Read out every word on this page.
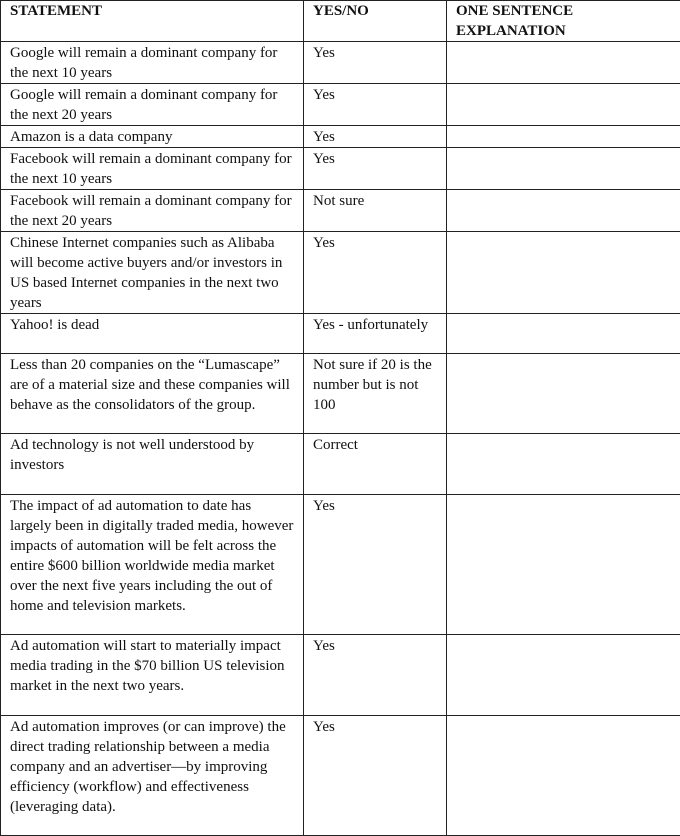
STATEMENT	YES/NO	ONE SENTENCE EXPLANATION
Google will remain a dominant company for the next 10 years	Yes	
Google will remain a dominant company for the next 20 years	Yes	
Amazon is a data company	Yes	
Facebook will remain a dominant company for the next 10 years	Yes	
Facebook will remain a dominant company for the next 20 years	Not sure	
Chinese Internet companies such as Alibaba will become active buyers and/or investors in US based Internet companies in the next two years	Yes	
Yahoo! is dead	Yes - unfortunately	
Less than 20 companies on the “Lumascape” are of a material size and these companies will behave as the consolidators of the group.	Not sure if 20 is the number but is not 100	
Ad technology is not well understood by investors	Correct	
The impact of ad automation to date has largely been in digitally traded media, however impacts of automation will be felt across the entire $600 billion worldwide media market over the next five years including the out of home and television markets.	Yes	
Ad automation will start to materially impact media trading in the $70 billion US television market in the next two years.	Yes	
Ad automation improves (or can improve) the direct trading relationship between a media company and an advertiser—by improving efficiency (workflow) and effectiveness (leveraging data).	Yes	
